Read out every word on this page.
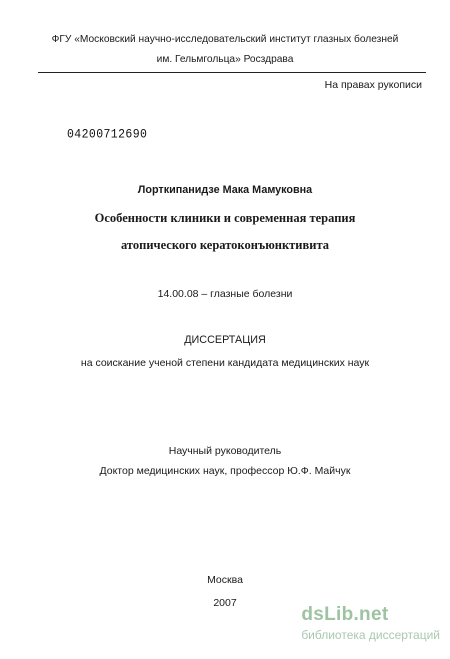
ФГУ «Московский научно-исследовательский институт глазных болезней
им. Гельмгольца» Росздрава
На правах рукописи
04200712690
Лорткипанидзе Мака Мамуковна
Особенности клиники и современная терапия
атопического кератоконъюнктивита
14.00.08 – глазные болезни
ДИССЕРТАЦИЯ
на соискание ученой степени кандидата медицинских наук
Научный руководитель
Доктор медицинских наук, профессор Ю.Ф. Майчук
Москва
2007
dsLib.net
библиотека диссертаций
